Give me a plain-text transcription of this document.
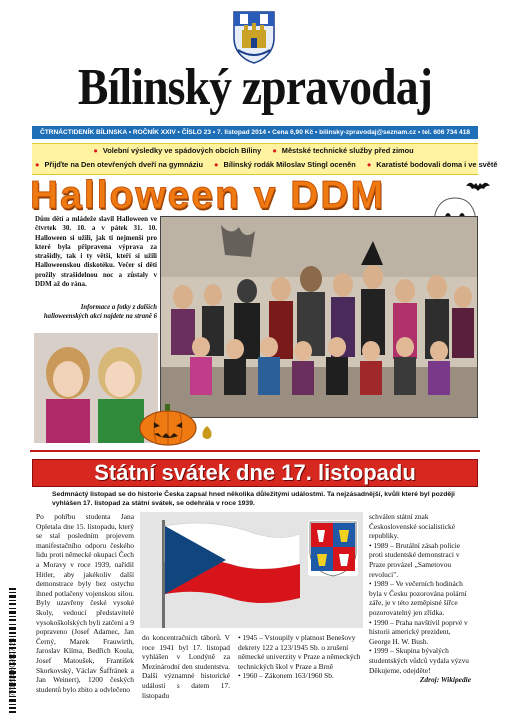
Bílinský zpravodaj
ČTRNÁCTIDENÍK BÍLINSKA • ROČNÍK XXIV • ČÍSLO 23 • 7. listopad 2014 • Cena 6,90 Kč • bilinsky-zpravodaj@seznam.cz • tel. 606 734 418
● Volební výsledky ve spádových obcích Bíliny ● Městské technické služby před zimou
● Přijďte na Den otevřených dveří na gymnáziu ● Bílinský rodák Miloslav Stingl oceněn ● Karatisté bodovali doma i ve světě
Halloween v DDM
Dům dětí a mládeže slavil Halloween ve čtvrtek 30. 10. a v pátek 31. 10. Halloween si užili, jak ti nejmenší pro které byla připravena výprava za strašidly, tak i ty větší, kteří si užili Halloweenskou diskotéku. Večer si děti prožily strašidelnou noc a zůstaly v DDM až do rána.
Informace a fotky z dalších halloweenských akcí najdete na straně 6
Státní svátek dne 17. listopadu
Sedmnáctý listopad se do historie Česka zapsal hned několika důležitými událostmi. Ta nejzásadnější, kvůli které byl později vyhlášen 17. listopad za státní svátek, se odehrála v roce 1939.
Po pohřbu studenta Jana Opletala dne 15. listopadu, který se stal posledním projevem manifestačního odporu českého lidu proti německé okupaci Čech a Moravy v roce 1939, nařídil Hitler, aby jakékoliv další demonstrace byly bez ostychu ihned potlačeny vojenskou silou. Byly uzavřeny české vysoké školy, vedoucí představitelé vysokoškolských byli zatčeni a 9 popraveno (Josef Adamec, Jan Černý, Marek Frauwirth, Jaroslav Klíma, Bedřich Koula, Josef Matoušek, František Skorkovský, Václav Šaffránek a Jan Weinert), 1200 českých studentů bylo zbito a odvlečeno
do koncentračních táborů. V roce 1941 byl 17. listopad vyhlášen v Londýně za Mezinárodní den studentstva. Další významné historické události s datem 17. listopadu

• 1945 – Vstoupily v platnost Benešovy dekrety 122 a 123/1945 Sb. o zrušení německé univerzity v Praze a německých technických škol v Praze a Brně

• 1960 – Zákonem 163/1960 Sb.

schválen státní znak Československé socialistické republiky.

• 1989 – Brutální zásah policie proti studentské demonstraci v Praze provázel „Sametovou revoluci".

• 1989 – Ve večerních hodinách byla v Česku pozorována polární záře, je v této zeměpisné šířce pozorovatelný jen zřídka.

• 1990 – Praha navštívil poprvé v historii americký prezident, George H. W. Bush.

• 1999 – Skupina bývalých studentských vůdců vydala výzvu Děkujeme, odejděte!

Zdroj: Wikipedie
9 771214 602007 23
